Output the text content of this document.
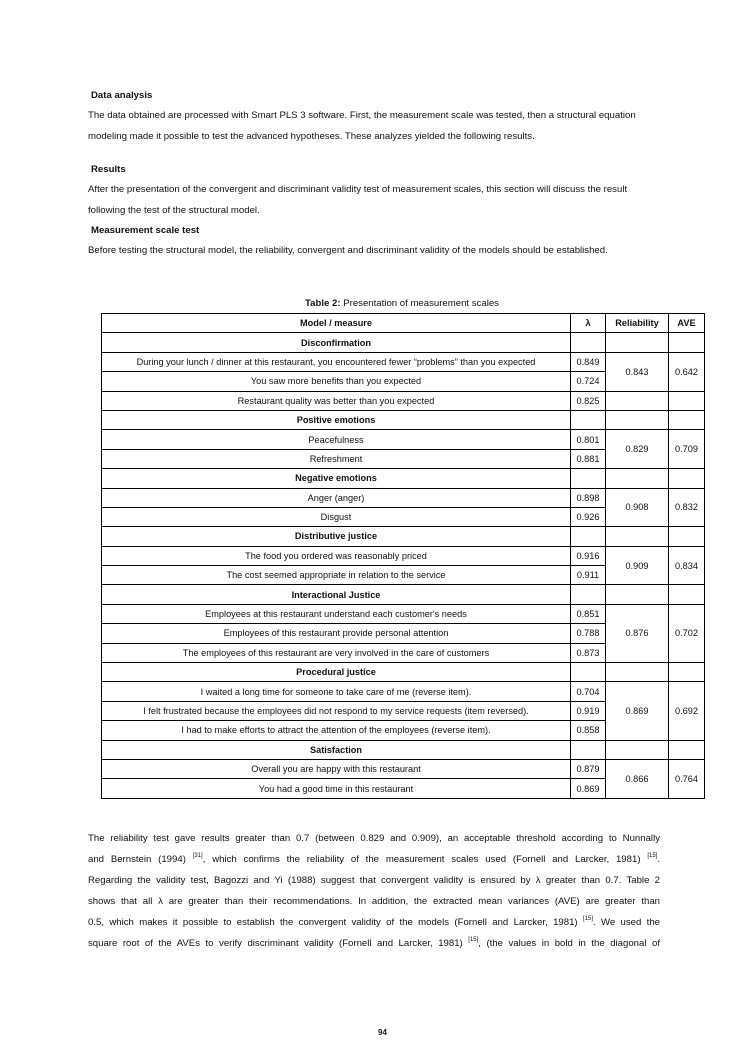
Data analysis

The data obtained are processed with Smart PLS 3 software. First, the measurement scale was tested, then a structural equation modeling made it possible to test the advanced hypotheses. These analyzes yielded the following results.

Results

After the presentation of the convergent and discriminant validity test of measurement scales, this section will discuss the result following the test of the structural model.

Measurement scale test

Before testing the structural model, the reliability, convergent and discriminant validity of the models should be established.

Table 2: Presentation of measurement scales
Model / measure	λ	Reliability	AVE
Disconfirmation			
During your lunch / dinner at this restaurant, you encountered fewer “problems” than you expected	0.849	0.843	0.642
You saw more benefits than you expected	0.724		
Restaurant quality was better than you expected	0.825		
Positive emotions			
Peacefulness	0.801	0.829	0.709
Refreshment	0.881		
Negative emotions			
Anger (anger)	0.898	0.908	0.832
Disgust	0.926		
Distributive justice			
The food you ordered was reasonably priced	0.916	0.909	0.834
The cost seemed appropriate in relation to the service	0.911		
Interactional Justice			
Employees at this restaurant understand each customer's needs	0.851	0.876	0.702
Employees of this restaurant provide personal attention	0.788		
The employees of this restaurant are very involved in the care of customers	0.873		
Procedural justice			
I waited a long time for someone to take care of me (reverse item).	0.704	0.869	0.692
I felt frustrated because the employees did not respond to my service requests (item reversed).	0.919		
I had to make efforts to attract the attention of the employees (reverse item).	0.858		
Satisfaction			
Overall you are happy with this restaurant	0.879	0.866	0.764
You had a good time in this restaurant	0.869		
The reliability test gave results greater than 0.7 (between 0.829 and 0.909), an acceptable threshold according to Nunnally
and Bernstein (1994) [31], which confirms the reliability of the measurement scales used (Fornell and Larcker, 1981) [15].
Regarding the validity test, Bagozzi and Yi (1988) suggest that convergent validity is ensured by λ greater than 0.7. Table 2
shows that all λ are greater than their recommendations. In addition, the extracted mean variances (AVE) are greater than
0.5, which makes it possible to establish the convergent validity of the models (Fornell and Larcker, 1981) [15]. We used the
square root of the AVEs to verify discriminant validity (Fornell and Larcker, 1981) [15], (the values in bold in the diagonal of
94
